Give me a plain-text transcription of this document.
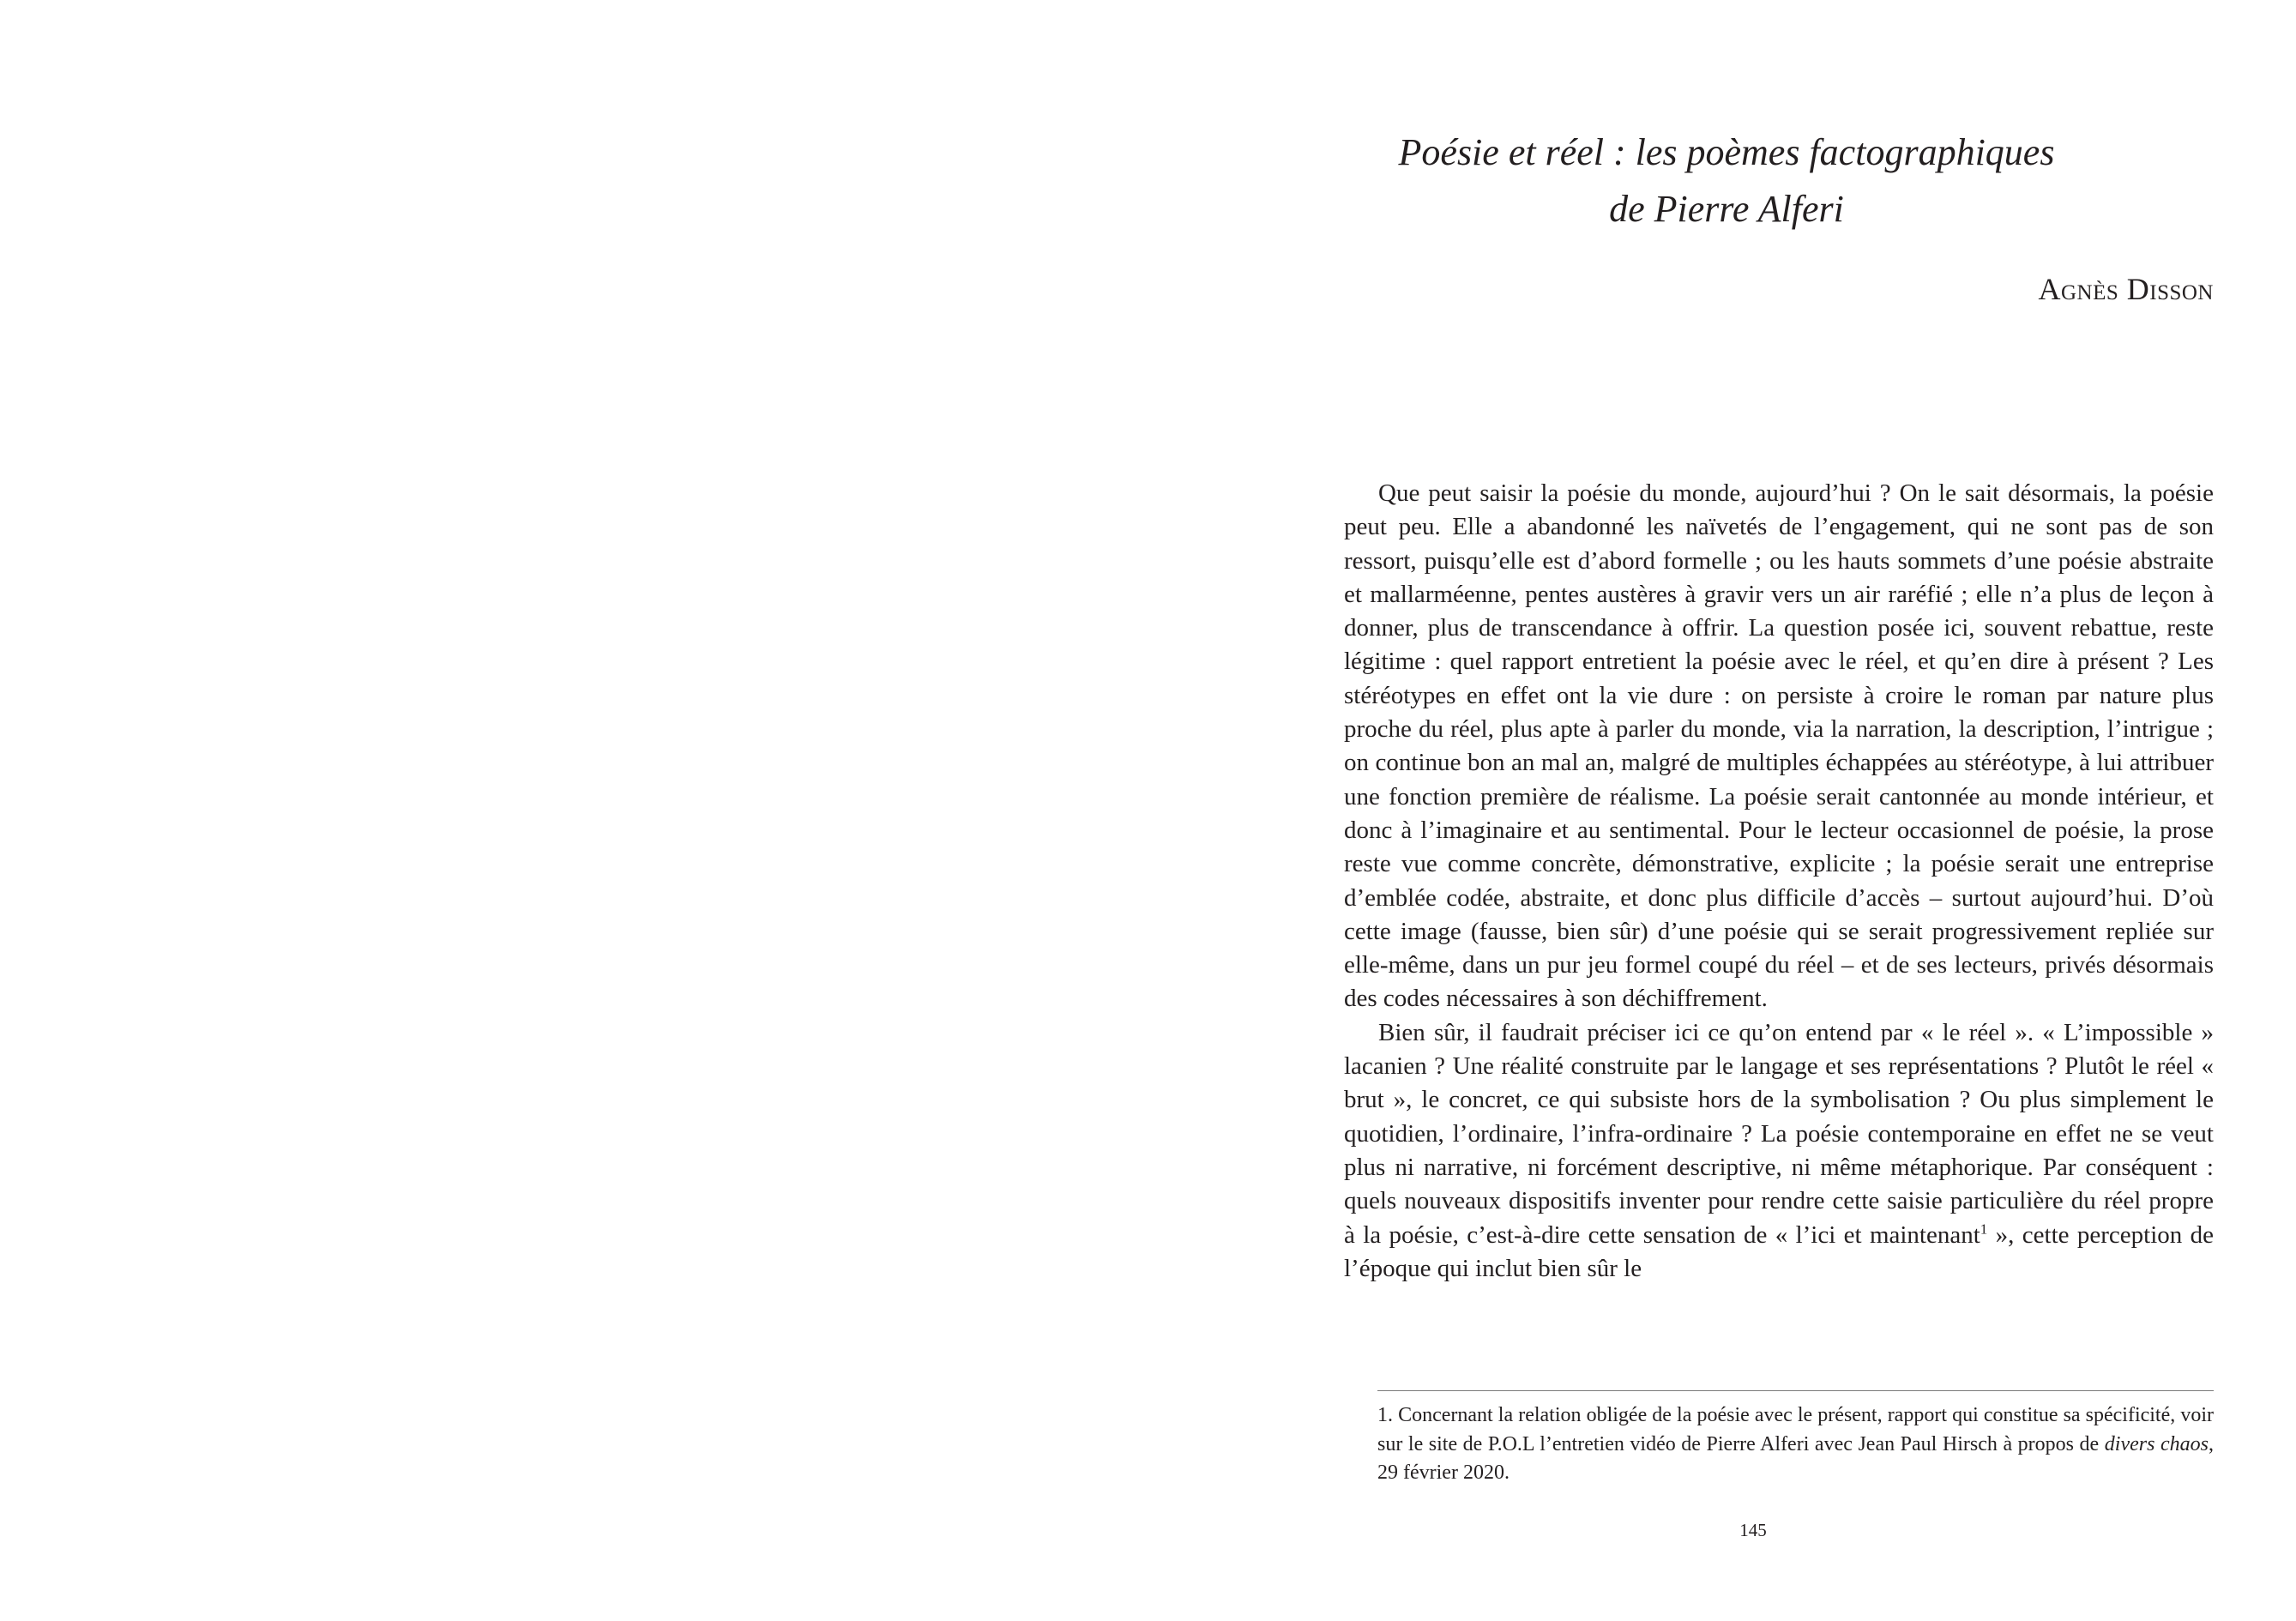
Poésie et réel : les poèmes factographiques
de Pierre Alferi

Agnès Disson

Que peut saisir la poésie du monde, aujourd’hui ? On le sait désormais, la poésie peut peu. Elle a abandonné les naïvetés de l’engagement, qui ne sont pas de son ressort, puisqu’elle est d’abord formelle ; ou les hauts sommets d’une poésie abstraite et mallarméenne, pentes austères à gravir vers un air raréfié ; elle n’a plus de leçon à donner, plus de transcendance à offrir. La question posée ici, souvent rebattue, reste légitime : quel rapport entretient la poésie avec le réel, et qu’en dire à présent ? Les stéréotypes en effet ont la vie dure : on persiste à croire le roman par nature plus proche du réel, plus apte à parler du monde, via la narration, la description, l’intrigue ; on continue bon an mal an, malgré de multiples échappées au stéréotype, à lui attribuer une fonction première de réalisme. La poésie serait cantonnée au monde intérieur, et donc à l’imaginaire et au sentimental. Pour le lecteur occasionnel de poésie, la prose reste vue comme concrète, démonstrative, explicite ; la poésie serait une entreprise d’emblée codée, abstraite, et donc plus difficile d’accès – surtout aujourd’hui. D’où cette image (fausse, bien sûr) d’une poésie qui se serait progressivement repliée sur elle-même, dans un pur jeu formel coupé du réel – et de ses lecteurs, privés désormais des codes nécessaires à son déchiffrement.

Bien sûr, il faudrait préciser ici ce qu’on entend par « le réel ». « L’impossible » lacanien ? Une réalité construite par le langage et ses représentations ? Plutôt le réel « brut », le concret, ce qui subsiste hors de la symbolisation ? Ou plus simplement le quotidien, l’ordinaire, l’infra-ordinaire ? La poésie contemporaine en effet ne se veut plus ni narrative, ni forcément descriptive, ni même métaphorique. Par conséquent : quels nouveaux dispositifs inventer pour rendre cette saisie particulière du réel propre à la poésie, c’est-à-dire cette sensation de « l’ici et maintenant$^1$ », cette perception de l’époque qui inclut bien sûr le

1. Concernant la relation obligée de la poésie avec le présent, rapport qui constitue sa spécificité, voir sur le site de P.O.L l’entretien vidéo de Pierre Alferi avec Jean Paul Hirsch à propos de divers chaos, 29 février 2020.

145
